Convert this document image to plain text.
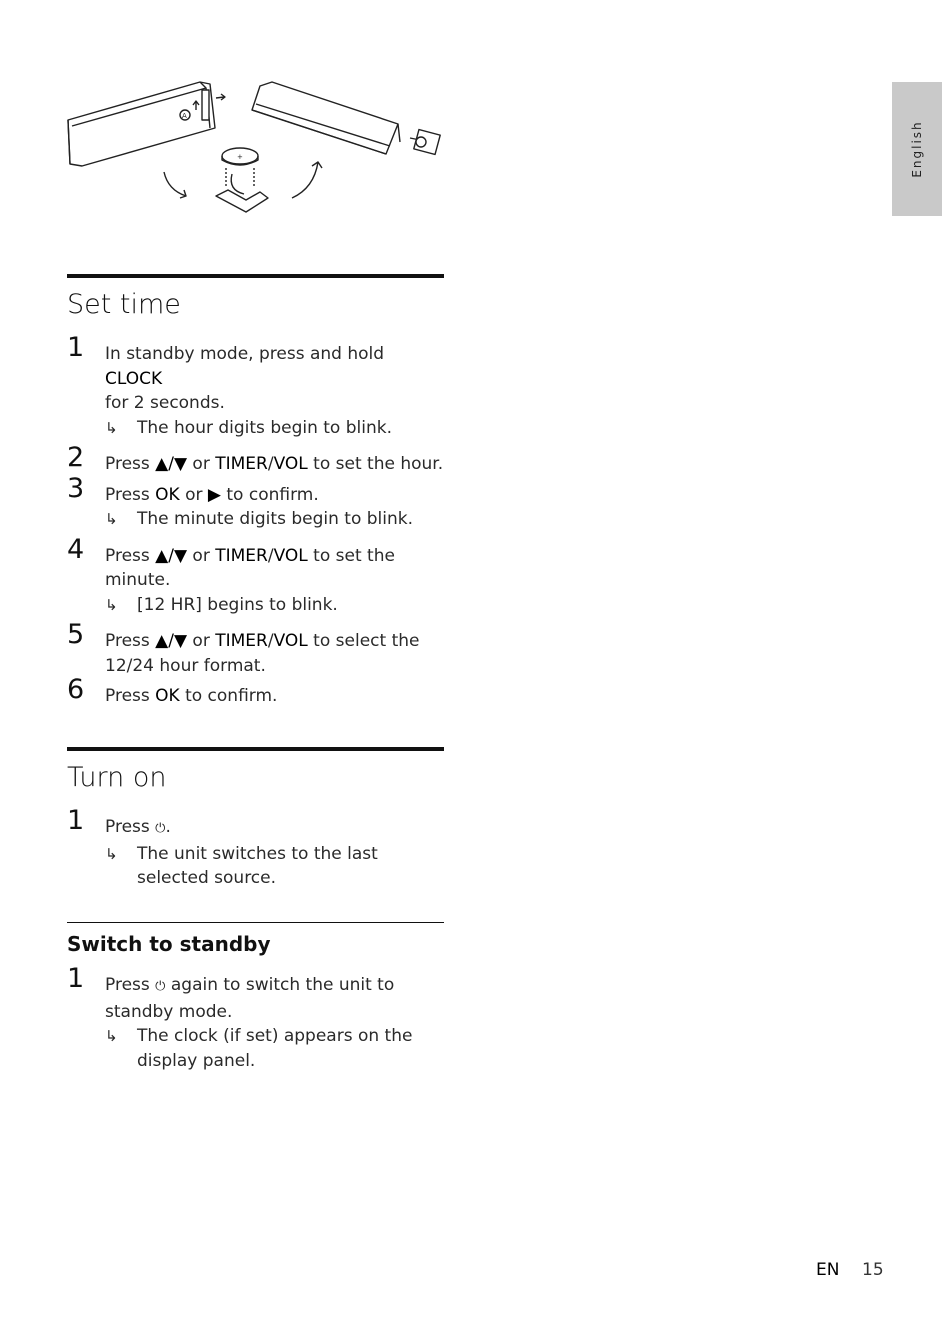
A
+	English
Set time
1 In standby mode, press and hold CLOCK
for 2 seconds.
↳ The hour digits begin to blink.
2 Press ▲/▼ or TIMER/VOL to set the hour.
3 Press OK or ▶ to confirm.
↳ The minute digits begin to blink.
4 Press ▲/▼ or TIMER/VOL to set the minute.
↳ [12 HR] begins to blink.
5 Press ▲/▼ or TIMER/VOL to select the 12/24 hour format.
6 Press OK to confirm.
Turn on
1 Press ⏻.
↳ The unit switches to the last selected source.
Switch to standby
1 Press ⏻ again to switch the unit to standby mode.
↳ The clock (if set) appears on the display panel.
EN 15
